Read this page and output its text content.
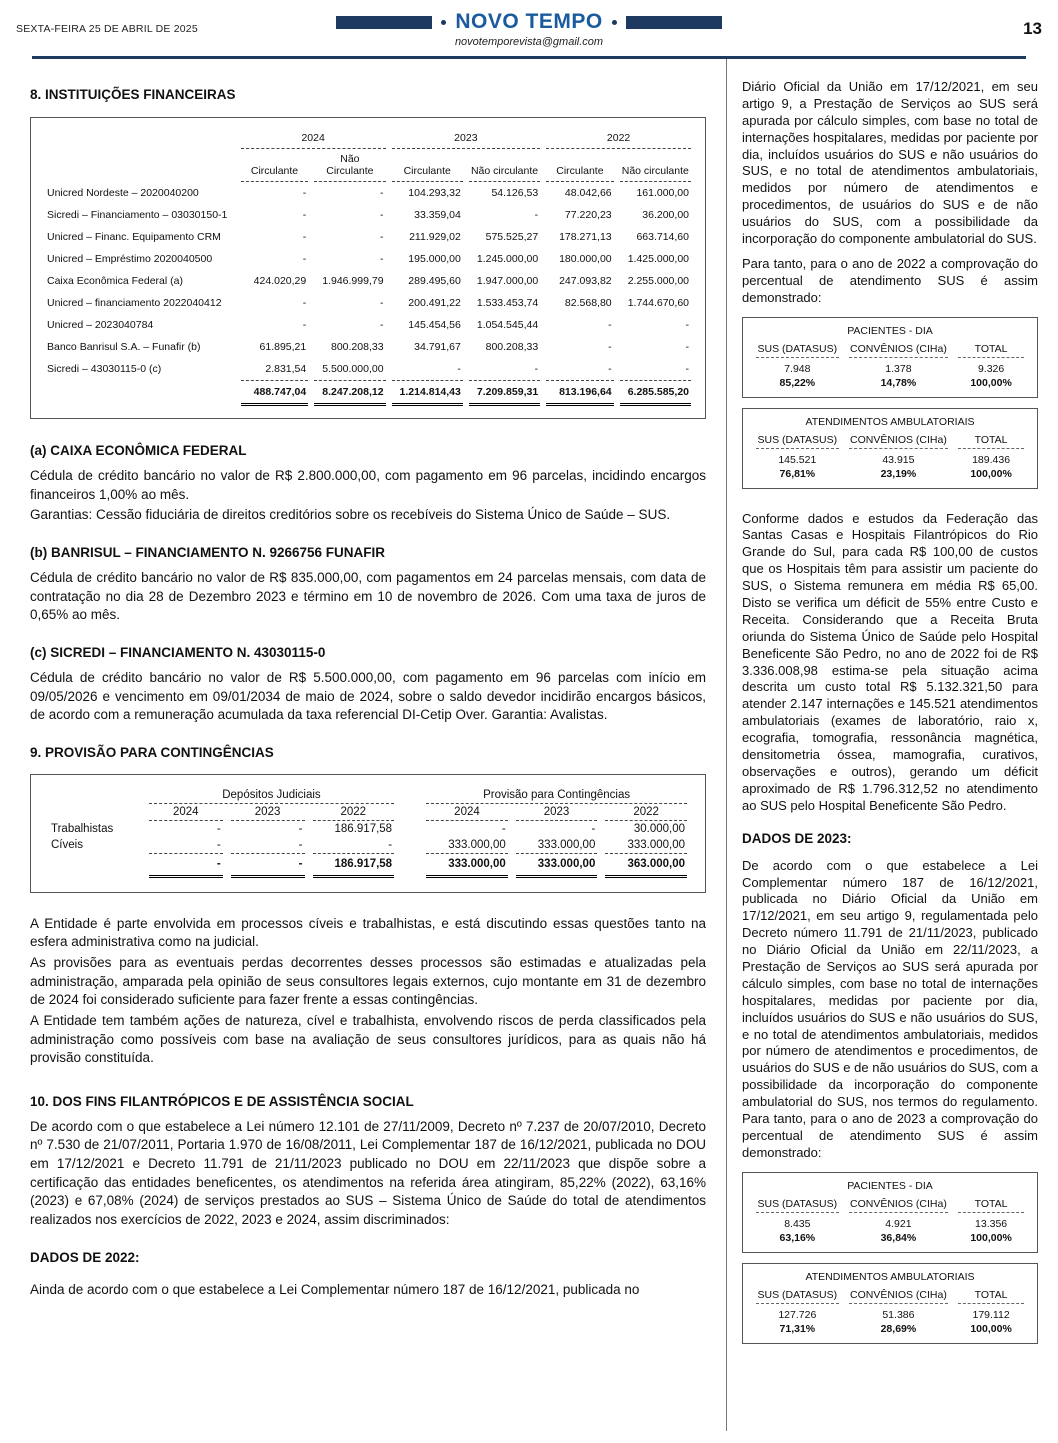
SEXTA-FEIRA 25 DE ABRIL DE 2025	NOVO TEMPO
novotemporevista@gmail.com
13
8. INSTITUIÇÕES FINANCEIRAS
	2024		2023		2022	
	Circulante	Não Circulante	Circulante	Não circulante	Circulante	Não circulante
Unicred Nordeste – 2020040200	-	-	104.293,32	54.126,53	48.042,66	161.000,00
Sicredi – Financiamento – 03030150-1	-	-	33.359,04	-	77.220,23	36.200,00
Unicred – Financ. Equipamento CRM	-	-	211.929,02	575.525,27	178.271,13	663.714,60
Unicred – Empréstimo 2020040500	-	-	195.000,00	1.245.000,00	180.000,00	1.425.000,00
Caixa Econômica Federal (a)	424.020,29	1.946.999,79	289.495,60	1.947.000,00	247.093,82	2.255.000,00
Unicred – financiamento 2022040412	-	-	200.491,22	1.533.453,74	82.568,80	1.744.670,60
Unicred – 2023040784	-	-	145.454,56	1.054.545,44	-	-
Banco Banrisul S.A. – Funafir (b)	61.895,21	800.208,33	34.791,67	800.208,33	-	-
Sicredi – 43030115-0 (c)	2.831,54	5.500.000,00	-	-	-	-
	488.747,04	8.247.208,12	1.214.814,43	7.209.859,31	813.196,64	6.285.585,20
(a) CAIXA ECONÔMICA FEDERAL

Cédula de crédito bancário no valor de R$ 2.800.000,00, com pagamento em 96 parcelas, incidindo encargos financeiros 1,00% ao mês.

Garantias: Cessão fiduciária de direitos creditórios sobre os recebíveis do Sistema Único de Saúde – SUS.

(b) BANRISUL – FINANCIAMENTO N. 9266756 FUNAFIR

Cédula de crédito bancário no valor de R$ 835.000,00, com pagamentos em 24 parcelas mensais, com data de contratação no dia 28 de Dezembro 2023 e término em 10 de novembro de 2026. Com uma taxa de juros de 0,65% ao mês.

(c) SICREDI – FINANCIAMENTO N. 43030115-0

Cédula de crédito bancário no valor de R$ 5.500.000,00, com pagamento em 96 parcelas com início em 09/05/2026 e vencimento em 09/01/2034 de maio de 2024, sobre o saldo devedor incidirão encargos básicos, de acordo com a remuneração acumulada da taxa referencial DI-Cetip Over. Garantia: Avalistas.

9. PROVISÃO PARA CONTINGÊNCIAS
	Depósitos Judiciais				Provisão para Contingências		
	2024	2023	2022		2024	2023	2022
Trabalhistas	-	-	186.917,58		-	-	30.000,00
Cíveis	-	-	-		333.000,00	333.000,00	333.000,00
	-	-	186.917,58		333.000,00	333.000,00	363.000,00

A Entidade é parte envolvida em processos cíveis e trabalhistas, e está discutindo essas questões tanto na esfera administrativa como na judicial.

As provisões para as eventuais perdas decorrentes desses processos são estimadas e atualizadas pela administração, amparada pela opinião de seus consultores legais externos, cujo montante em 31 de dezembro de 2024 foi considerado suficiente para fazer frente a essas contingências.

A Entidade tem também ações de natureza, cível e trabalhista, envolvendo riscos de perda classificados pela administração como possíveis com base na avaliação de seus consultores jurídicos, para as quais não há provisão constituída.

10. DOS FINS FILANTRÓPICOS E DE ASSISTÊNCIA SOCIAL

De acordo com o que estabelece a Lei número 12.101 de 27/11/2009, Decreto nº 7.237 de 20/07/2010, Decreto nº 7.530 de 21/07/2011, Portaria 1.970 de 16/08/2011, Lei Complementar 187 de 16/12/2021, publicada no DOU em 17/12/2021 e Decreto 11.791 de 21/11/2023 publicado no DOU em 22/11/2023 que dispõe sobre a certificação das entidades beneficentes, os atendimentos na referida área atingiram, 85,22% (2022), 63,16% (2023) e 67,08% (2024) de serviços prestados ao SUS – Sistema Único de Saúde do total de atendimentos realizados nos exercícios de 2022, 2023 e 2024, assim discriminados:

DADOS DE 2022:

Ainda de acordo com o que estabelece a Lei Complementar número 187 de 16/12/2021, publicada no

Diário Oficial da União em 17/12/2021, em seu artigo 9, a Prestação de Serviços ao SUS será apurada por cálculo simples, com base no total de internações hospitalares, medidas por paciente por dia, incluídos usuários do SUS e não usuários do SUS, e no total de atendimentos ambulatoriais, medidos por número de atendimentos e procedimentos, de usuários do SUS e de não usuários do SUS, com a possibilidade da incorporação do componente ambulatorial do SUS.

Para tanto, para o ano de 2022 a comprovação do percentual de atendimento SUS é assim demonstrado:

PACIENTES - DIA
SUS (DATASUS) CONVÊNIOS (CIHa)	TOTAL
7.948	1.378	9.326
85,22%	14,78%	100,00%
ATENDIMENTOS AMBULATORIAIS
SUS (DATASUS) CONVÊNIOS (CIHa)	TOTAL
145.521	43.915	189.436
76,81%	23,19%	100,00%

Conforme dados e estudos da Federação das Santas Casas e Hospitais Filantrópicos do Rio Grande do Sul, para cada R$ 100,00 de custos que os Hospitais têm para assistir um paciente do SUS, o Sistema remunera em média R$ 65,00. Disto se verifica um déficit de 55% entre Custo e Receita. Considerando que a Receita Bruta oriunda do Sistema Único de Saúde pelo Hospital Beneficente São Pedro, no ano de 2022 foi de R$ 3.336.008,98 estima-se pela situação acima descrita um custo total R$ 5.132.321,50 para atender 2.147 internações e 145.521 atendimentos ambulatoriais (exames de laboratório, raio x, ecografia, tomografia, ressonância magnética, densitometria óssea, mamografia, curativos, observações e outros), gerando um déficit aproximado de R$ 1.796.312,52 no atendimento ao SUS pelo Hospital Beneficente São Pedro.

DADOS DE 2023:

De acordo com o que estabelece a Lei Complementar número 187 de 16/12/2021, publicada no Diário Oficial da União em 17/12/2021, em seu artigo 9, regulamentada pelo Decreto número 11.791 de 21/11/2023, publicado no Diário Oficial da União em 22/11/2023, a Prestação de Serviços ao SUS será apurada por cálculo simples, com base no total de internações hospitalares, medidas por paciente por dia, incluídos usuários do SUS e não usuários do SUS, e no total de atendimentos ambulatoriais, medidos por número de atendimentos e procedimentos, de usuários do SUS e de não usuários do SUS, com a possibilidade da incorporação do componente ambulatorial do SUS, nos termos do regulamento. Para tanto, para o ano de 2023 a comprovação do percentual de atendimento SUS é assim demonstrado:

PACIENTES - DIA
SUS (DATASUS) CONVÊNIOS (CIHa)	TOTAL
8.435	4.921	13.356
63,16%	36,84%	100,00%
ATENDIMENTOS AMBULATORIAIS
SUS (DATASUS) CONVÊNIOS (CIHa)	TOTAL
127.726	51.386	179.112
71,31%	28,69%	100,00%
